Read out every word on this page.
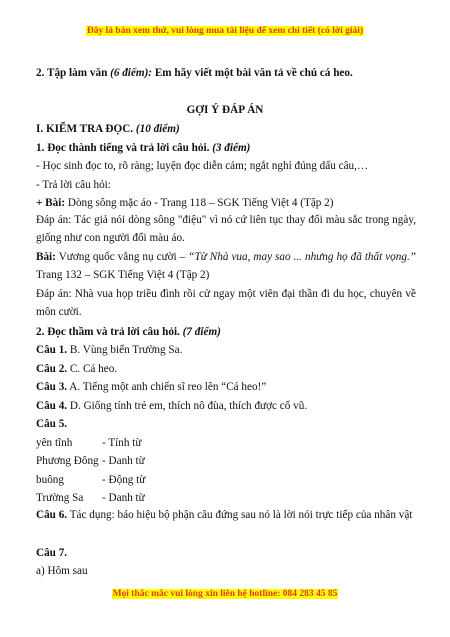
Đây là bản xem thử, vui lòng mua tài liệu để xem chi tiết (có lời giải)
2. Tập làm văn (6 điểm): Em hãy viết một bài văn tả về chú cá heo.
GỢI Ý ĐÁP ÁN
I. KIỂM TRA ĐỌC. (10 điểm)
1. Đọc thành tiếng và trả lời câu hỏi. (3 điểm)
- Học sinh đọc to, rõ ràng; luyện đọc diễn cảm; ngắt nghỉ đúng dấu câu,…
- Trả lời câu hỏi:
+ Bài: Dòng sông mặc áo - Trang 118 – SGK Tiếng Việt 4 (Tập 2)
Đáp án: Tác giả nói dòng sông "điệu" vì nó cứ liên tục thay đổi màu sắc trong ngày, giống như con người đổi màu áo.
Bài: Vương quốc vắng nụ cười – “Từ Nhà vua, may sao ... nhưng họ đã thất vọng.” Trang 132 – SGK Tiếng Việt 4 (Tập 2)
Đáp án: Nhà vua họp triều đình rồi cử ngay một viên đại thần đi du học, chuyên về môn cười.
2. Đọc thầm và trả lời câu hỏi. (7 điểm)
Câu 1. B. Vùng biển Trường Sa.
Câu 2. C. Cá heo.
Câu 3. A. Tiếng một anh chiến sĩ reo lên “Cá heo!”
Câu 4. D. Giống tính trẻ em, thích nô đùa, thích được cổ vũ.
Câu 5.
yên tĩnh	- Tính từ
Phương Đông - Danh từ
buông	- Động từ
Trường Sa - Danh từ
Câu 6. Tác dụng: báo hiệu bộ phận câu đứng sau nó là lời nói trực tiếp của nhân vật
Câu 7.
a) Hôm sau
Mọi thắc mắc vui lòng xin liên hệ hotline: 084 283 45 85
